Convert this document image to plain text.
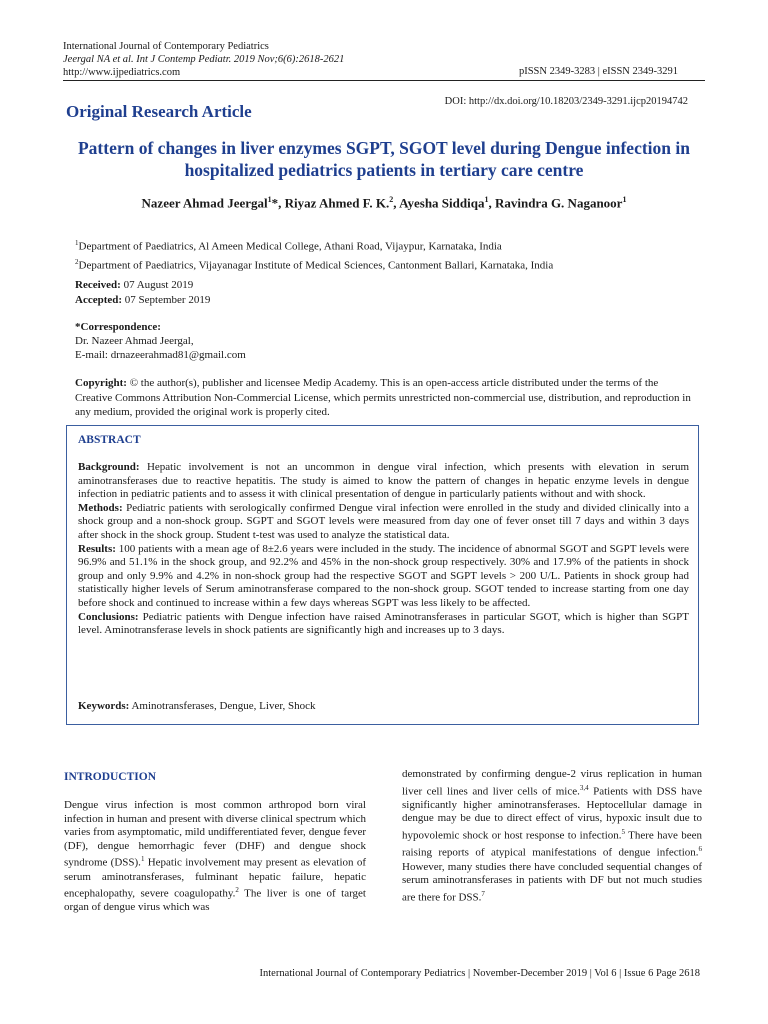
International Journal of Contemporary Pediatrics
Jeergal NA et al. Int J Contemp Pediatr. 2019 Nov;6(6):2618-2621
http://www.ijpediatrics.com	pISSN 2349-3283 | eISSN 2349-3291
Original Research Article
DOI: http://dx.doi.org/10.18203/2349-3291.ijcp20194742
Pattern of changes in liver enzymes SGPT, SGOT level during Dengue infection in hospitalized pediatrics patients in tertiary care centre
Nazeer Ahmad Jeergal$^1$*, Riyaz Ahmed F. K.$^2$, Ayesha Siddiqa$^1$, Ravindra G. Naganoor$^1$
$^1$Department of Paediatrics, Al Ameen Medical College, Athani Road, Vijaypur, Karnataka, India
$^2$Department of Paediatrics, Vijayanagar Institute of Medical Sciences, Cantonment Ballari, Karnataka, India
Received: 07 August 2019
Accepted: 07 September 2019
*Correspondence:
Dr. Nazeer Ahmad Jeergal,
E-mail: drnazeerahmad81@gmail.com
Copyright: © the author(s), publisher and licensee Medip Academy. This is an open-access article distributed under the terms of the Creative Commons Attribution Non-Commercial License, which permits unrestricted non-commercial use, distribution, and reproduction in any medium, provided the original work is properly cited.
ABSTRACT

Background: Hepatic involvement is not an uncommon in dengue viral infection, which presents with elevation in serum aminotransferases due to reactive hepatitis. The study is aimed to know the pattern of changes in hepatic enzyme levels in dengue infection in pediatric patients and to assess it with clinical presentation of dengue in particularly patients without and with shock.

Methods: Pediatric patients with serologically confirmed Dengue viral infection were enrolled in the study and divided clinically into a shock group and a non-shock group. SGPT and SGOT levels were measured from day one of fever onset till 7 days and within 3 days after shock in the shock group. Student t-test was used to analyze the statistical data.

Results: 100 patients with a mean age of 8±2.6 years were included in the study. The incidence of abnormal SGOT and SGPT levels were 96.9% and 51.1% in the shock group, and 92.2% and 45% in the non-shock group respectively. 30% and 17.9% of the patients in shock group and only 9.9% and 4.2% in non-shock group had the respective SGOT and SGPT levels > 200 U/L. Patients in shock group had statistically higher levels of Serum aminotransferase compared to the non-shock group. SGOT tended to increase starting from one day before shock and continued to increase within a few days whereas SGPT was less likely to be affected.

Conclusions: Pediatric patients with Dengue infection have raised Aminotransferases in particular SGOT, which is higher than SGPT level. Aminotransferase levels in shock patients are significantly high and increases up to 3 days.

Keywords: Aminotransferases, Dengue, Liver, Shock
INTRODUCTION
Dengue virus infection is most common arthropod born viral infection in human and present with diverse clinical spectrum which varies from asymptomatic, mild undifferentiated fever, dengue fever (DF), dengue hemorrhagic fever (DHF) and dengue shock syndrome (DSS).$^1$ Hepatic involvement may present as elevation of serum aminotransferases, fulminant hepatic failure, hepatic encephalopathy, severe coagulopathy.$^2$ The liver is one of target organ of dengue virus which was
demonstrated by confirming dengue-2 virus replication in human liver cell lines and liver cells of mice.$^{3,4}$ Patients with DSS have significantly higher aminotransferases. Heptocellular damage in dengue may be due to direct effect of virus, hypoxic insult due to hypovolemic shock or host response to infection.$^5$ There have been raising reports of atypical manifestations of dengue infection.$^6$ However, many studies there have concluded sequential changes of serum aminotransferases in patients with DF but not much studies are there for DSS.$^7$
International Journal of Contemporary Pediatrics | November-December 2019 | Vol 6 | Issue 6 Page 2618
